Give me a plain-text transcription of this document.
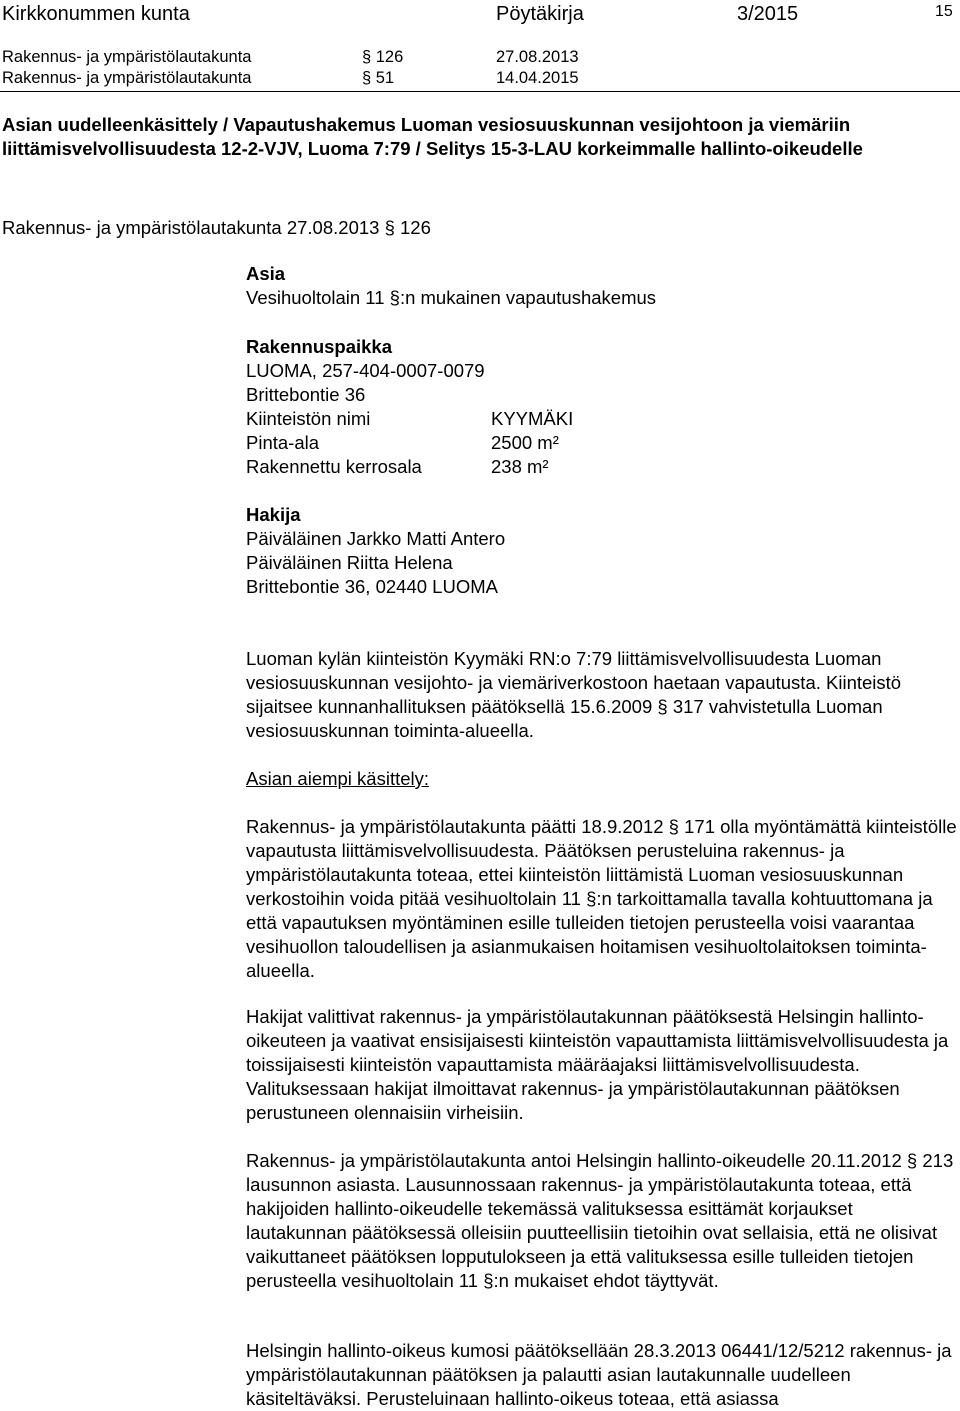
Kirkkonummen kunta	Pöytäkirja	3/2015	15
Rakennus- ja ympäristölautakunta	§ 126	27.08.2013
Rakennus- ja ympäristölautakunta	§ 51	14.04.2015
Asian uudelleenkäsittely / Vapautushakemus Luoman vesiosuuskunnan vesijohtoon ja viemäriin liittämisvelvollisuudesta 12-2-VJV, Luoma 7:79 / Selitys 15-3-LAU korkeimmalle hallinto-oikeudelle
Rakennus- ja ympäristölautakunta 27.08.2013 § 126
Asia
Vesihuoltolain 11 §:n mukainen vapautushakemus
Rakennuspaikka
LUOMA, 257-404-0007-0079
Brittebontie 36
Kiinteistön nimi	KYYMÄKI
Pinta-ala	2500 m²
Rakennettu kerrosala	238 m²
Hakija
Päiväläinen Jarkko Matti Antero
Päiväläinen Riitta Helena
Brittebontie 36, 02440 LUOMA
Luoman kylän kiinteistön Kyymäki RN:o 7:79 liittämisvelvollisuudesta Luoman vesiosuuskunnan vesijohto- ja viemäriverkostoon haetaan vapautusta. Kiinteistö sijaitsee kunnanhallituksen päätöksellä 15.6.2009 § 317 vahvistetulla Luoman vesiosuuskunnan toiminta-alueella.
Asian aiempi käsittely:
Rakennus- ja ympäristölautakunta päätti 18.9.2012 § 171 olla myöntämättä kiinteistölle vapautusta liittämisvelvollisuudesta. Päätöksen perusteluina rakennus- ja ympäristölautakunta toteaa, ettei kiinteistön liittämistä Luoman vesiosuuskunnan verkostoihin voida pitää vesihuoltolain 11 §:n tarkoittamalla tavalla kohtuuttomana ja että vapautuksen myöntäminen esille tulleiden tietojen perusteella voisi vaarantaa vesihuollon taloudellisen ja asianmukaisen hoitamisen vesihuoltolaitoksen toiminta-alueella.
Hakijat valittivat rakennus- ja ympäristölautakunnan päätöksestä Helsingin hallinto-oikeuteen ja vaativat ensisijaisesti kiinteistön vapauttamista liittämisvelvollisuudesta ja toissijaisesti kiinteistön vapauttamista määräajaksi liittämisvelvollisuudesta. Valituksessaan hakijat ilmoittavat rakennus- ja ympäristölautakunnan päätöksen perustuneen olennaisiin virheisiin.
Rakennus- ja ympäristölautakunta antoi Helsingin hallinto-oikeudelle 20.11.2012 § 213 lausunnon asiasta. Lausunnossaan rakennus- ja ympäristölautakunta toteaa, että hakijoiden hallinto-oikeudelle tekemässä valituksessa esittämät korjaukset lautakunnan päätöksessä olleisiin puutteellisiin tietoihin ovat sellaisia, että ne olisivat vaikuttaneet päätöksen lopputulokseen ja että valituksessa esille tulleiden tietojen perusteella vesihuoltolain 11 §:n mukaiset ehdot täyttyvät.
Helsingin hallinto-oikeus kumosi päätöksellään 28.3.2013 06441/12/5212 rakennus- ja ympäristölautakunnan päätöksen ja palautti asian lautakunnalle uudelleen käsiteltäväksi. Perusteluinaan hallinto-oikeus toteaa, että asiassa
